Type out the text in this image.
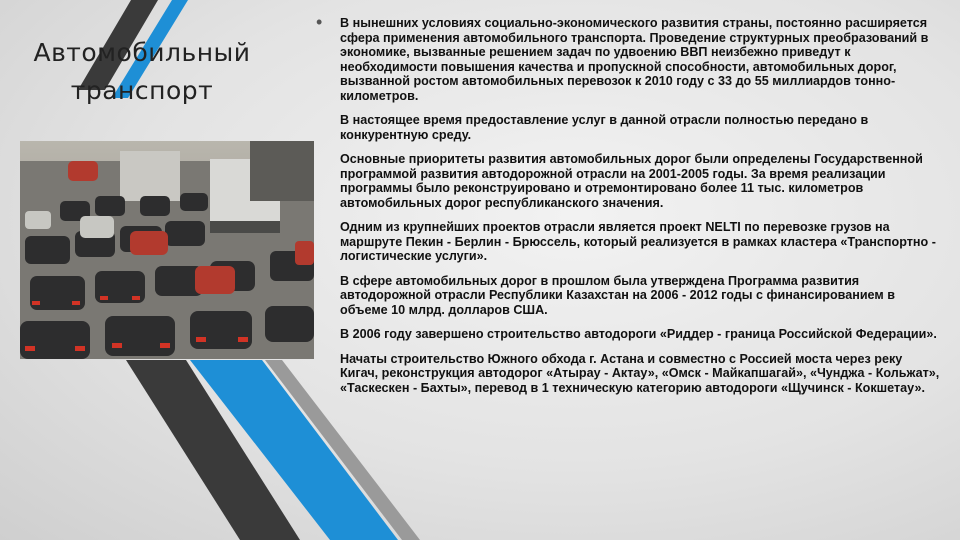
Автомобильный транспорт
• В нынешних условиях социально-экономического развития страны, постоянно расширяется сфера применения автомобильного транспорта. Проведение структурных преобразований в экономике, вызванные решением задач по удвоению ВВП неизбежно приведут к необходимости повышения качества и пропускной способности, автомобильных дорог, вызванной ростом автомобильных перевозок к 2010 году с 33 до 55 миллиардов тонно-километров.

В настоящее время предоставление услуг в данной отрасли полностью передано в конкурентную среду.

Основные приоритеты развития автомобильных дорог были определены Государственной программой развития автодорожной отрасли на 2001-2005 годы. За время реализации программы было реконструировано и отремонтировано более 11 тыс. километров автомобильных дорог республиканского значения.

Одним из крупнейших проектов отрасли является проект NELTI по перевозке грузов на маршруте Пекин - Берлин - Брюссель, который реализуется в рамках кластера «Транспортно - логистические услуги».

В сфере автомобильных дорог в прошлом была утверждена Программа развития автодорожной отрасли Республики Казахстан на 2006 - 2012 годы с финансированием в объеме 10 млрд. долларов США.

В 2006 году завершено строительство автодороги «Риддер - граница Российской Федерации».

Начаты строительство Южного обхода г. Астана и совместно с Россией моста через реку Кигач, реконструкция автодорог «Атырау - Актау», «Омск - Майкапшагай», «Чунджа - Кольжат», «Таскескен - Бахты», перевод в 1 техническую категорию автодороги «Щучинск - Кокшетау».
